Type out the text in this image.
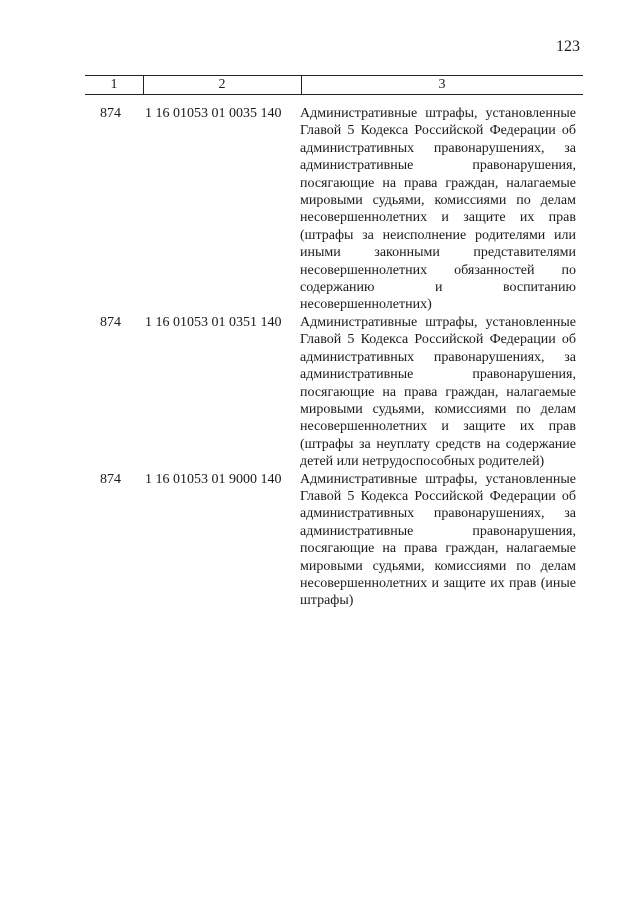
123
1	2	3
874	1 16 01053 01 0035 140	Административные штрафы, установленные Главой 5 Кодекса Российской Федерации об административных правонарушениях, за административные правонарушения, посягающие на права граждан, налагаемые мировыми судьями, комиссиями по делам несовершеннолетних и защите их прав (штрафы за неисполнение родителями или иными законными представителями несовершеннолетних обязанностей по содержанию и воспитанию несовершеннолетних)
874	1 16 01053 01 0351 140	Административные штрафы, установленные Главой 5 Кодекса Российской Федерации об административных правонарушениях, за административные правонарушения, посягающие на права граждан, налагаемые мировыми судьями, комиссиями по делам несовершеннолетних и защите их прав (штрафы за неуплату средств на содержание детей или нетрудоспособных родителей)
874	1 16 01053 01 9000 140	Административные штрафы, установленные Главой 5 Кодекса Российской Федерации об административных правонарушениях, за административные правонарушения, посягающие на права граждан, налагаемые мировыми судьями, комиссиями по делам несовершеннолетних и защите их прав (иные штрафы)
